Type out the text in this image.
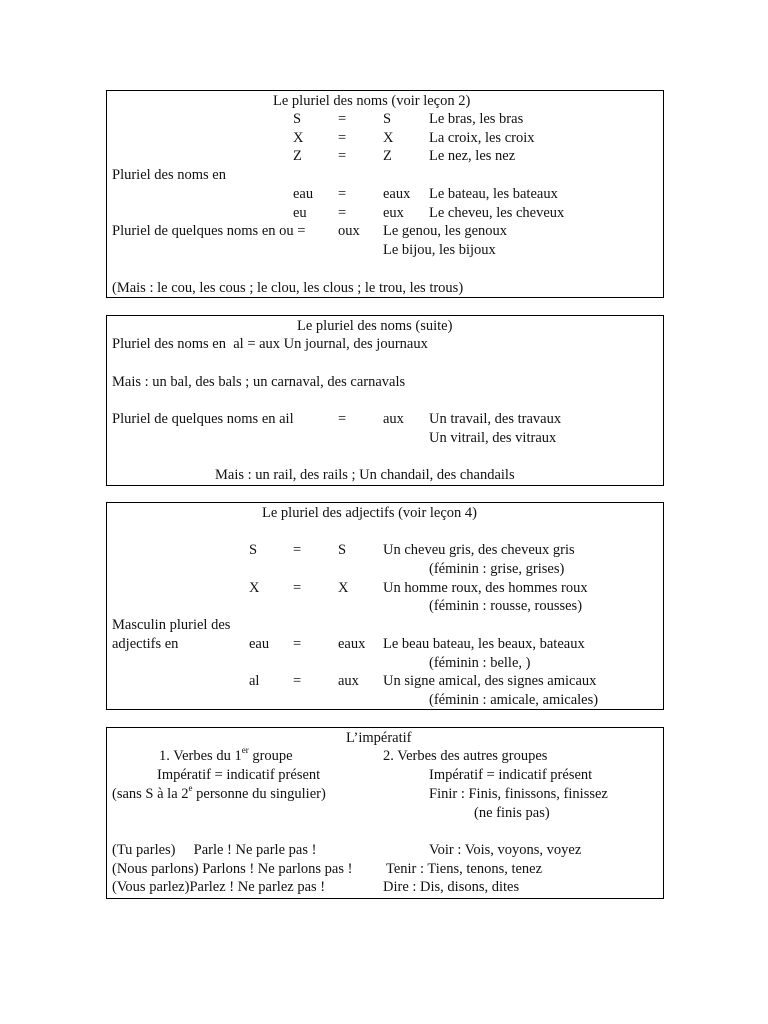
Le pluriel des noms (voir leçon 2)
S	=	S	Le bras, les bras
X =	X La croix, les croix
Z =	Z	Le nez, les nez
Pluriel des noms en
eau =	eaux Le bateau, les bateaux
eu =	eux Le cheveu, les cheveux
Pluriel de quelques noms en ou = oux Le genou, les genoux
Le bijou, les bijoux
(Mais : le cou, les cous ; le clou, les clous ; le trou, les trous)
Le pluriel des noms (suite)
Pluriel des noms en  al = aux Un journal, des journaux
Mais : un bal, des bals ; un carnaval, des carnavals
Pluriel de quelques noms en ail	=	aux Un travail, des travaux
Un vitrail, des vitraux
Mais : un rail, des rails ; Un chandail, des chandails
Le pluriel des adjectifs (voir leçon 4)
S =	S	Un cheveu gris, des cheveux gris
(féminin : grise, grises)
X =	X Un homme roux, des hommes roux
(féminin : rousse, rousses)
Masculin pluriel des
adjectifs en	eau =	eaux Le beau bateau, les beaux, bateaux
(féminin : belle, )
al =	aux Un signe amical, des signes amicaux
(féminin : amicale, amicales)
L’impératif
1. Verbes du 1er groupe	2. Verbes des autres groupes
Impératif = indicatif présent	Impératif = indicatif présent
(sans S à la 2e personne du singulier)	Finir : Finis, finissons, finissez
(ne finis pas)
(Tu parles)     Parle ! Ne parle pas !	Voir : Vois, voyons, voyez
(Nous parlons) Parlons ! Ne parlons pas ! Tenir : Tiens, tenons, tenez
(Vous parlez)Parlez ! Ne parlez pas !	Dire : Dis, disons, dites
